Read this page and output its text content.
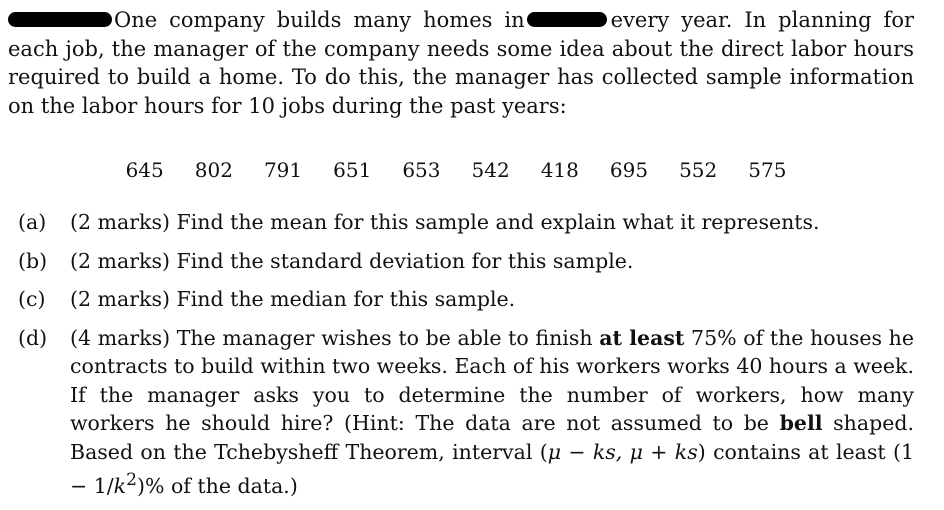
One company builds many homes in	every year. In planning for each job, the manager of the company needs some idea about the direct labor hours required to build a home. To do this, the manager has collected sample information on the labor hours for 10 jobs during the past years:

645 802 791 651 653 542 418 695 552 575
(a)	(2 marks) Find the mean for this sample and explain what it represents.
(b)	(2 marks) Find the standard deviation for this sample.
(c)	(2 marks) Find the median for this sample.
(d)	(4 marks) The manager wishes to be able to finish at least 75% of the houses he contracts to build within two weeks. Each of his workers works 40 hours a week. If the manager asks you to determine the number of workers, how many workers he should hire? (Hint: The data are not assumed to be bell shaped. Based on the Tchebysheff Theorem, interval (μ − ks, μ + ks) contains at least $(1 - 1/k^2)\%$ of the data.)
